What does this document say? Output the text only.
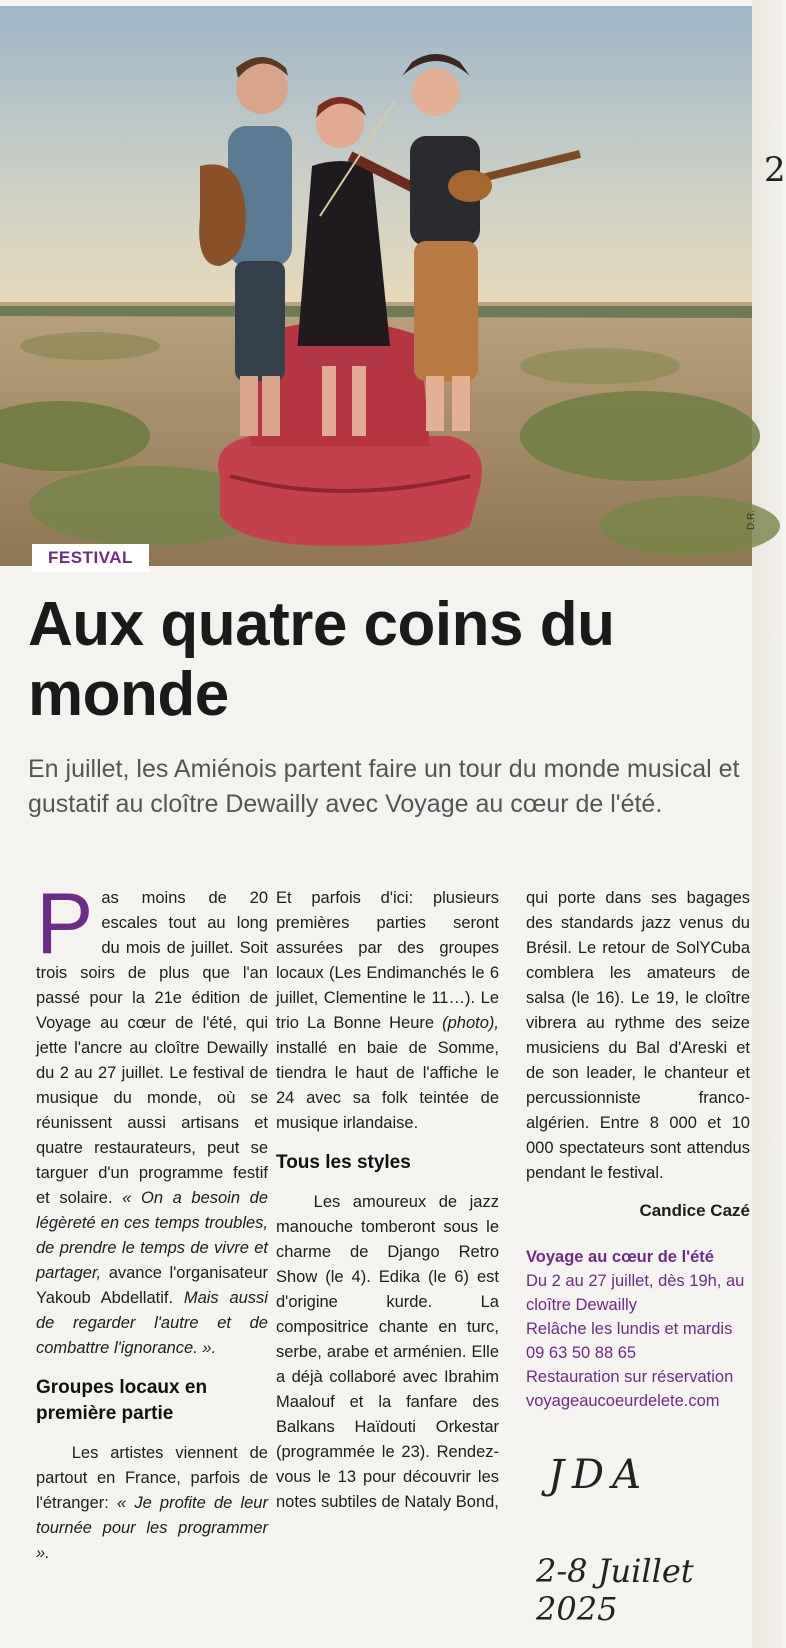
2
D.R.
FESTIVAL
Aux quatre coins du monde
En juillet, les Amiénois partent faire un tour du monde musical et gustatif au cloître Dewailly avec Voyage au cœur de l'été.

Pas moins de 20 escales tout au long du mois de juillet. Soit trois soirs de plus que l'an passé pour la 21e édition de Voyage au cœur de l'été, qui jette l'ancre au cloître Dewailly du 2 au 27 juillet. Le festival de musique du monde, où se réunissent aussi artisans et quatre restaurateurs, peut se targuer d'un programme festif et solaire. « On a besoin de légèreté en ces temps troubles, de prendre le temps de vivre et partager, avance l'organisateur Yakoub Abdellatif. Mais aussi de regarder l'autre et de combattre l'ignorance. ».

Groupes locaux en première partie

Les artistes viennent de partout en France, parfois de l'étranger: « Je profite de leur tournée pour les programmer ».

Et parfois d'ici: plusieurs premières parties seront assurées par des groupes locaux (Les Endimanchés le 6 juillet, Clementine le 11…). Le trio La Bonne Heure (photo), installé en baie de Somme, tiendra le haut de l'affiche le 24 avec sa folk teintée de musique irlandaise.

Tous les styles

Les amoureux de jazz manouche tomberont sous le charme de Django Retro Show (le 4). Edika (le 6) est d'origine kurde. La compositrice chante en turc, serbe, arabe et arménien. Elle a déjà collaboré avec Ibrahim Maalouf et la fanfare des Balkans Haïdouti Orkestar (programmée le 23). Rendez-vous le 13 pour découvrir les notes subtiles de Nataly Bond,

qui porte dans ses bagages des standards jazz venus du Brésil. Le retour de SolYCuba comblera les amateurs de salsa (le 16). Le 19, le cloître vibrera au rythme des seize musiciens du Bal d'Areski et de son leader, le chanteur et percussionniste franco-algérien. Entre 8 000 et 10 000 spectateurs sont attendus pendant le festival.

Candice Cazé
Voyage au cœur de l'été
Du 2 au 27 juillet, dès 19h, au cloître Dewailly
Relâche les lundis et mardis
09 63 50 88 65
Restauration sur réservation
voyageaucoeurdelete.com
JDA
2-8 Juillet 2025
